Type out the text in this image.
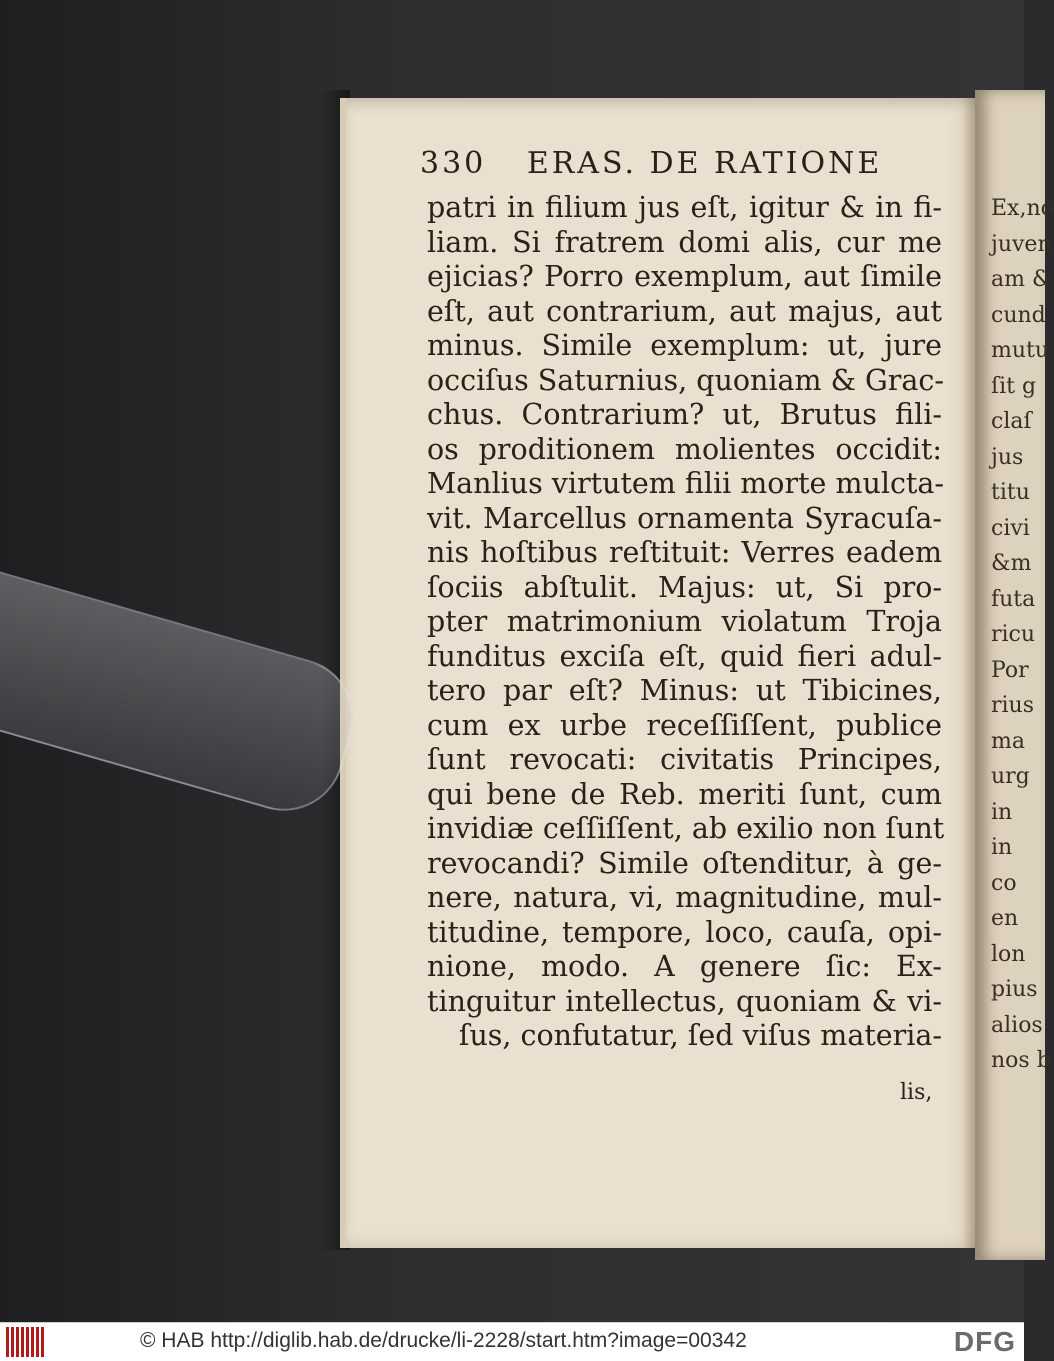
Ex,no
juven
am &
cund
mutu
ſit g
claſ
jus
titu
civi
&m
futa
ricu
Por
rius
ma
urg
in
in
co
en
lon
pius
alios
nos b
330 ERAS. DE RATIONE
patri in filium jus eſt, igitur & in fi-
liam. Si fratrem domi alis, cur me
ejicias? Porro exemplum, aut ſimile
eſt, aut contrarium, aut majus, aut
minus. Simile exemplum: ut, jure
occiſus Saturnius, quoniam & Grac-
chus. Contrarium? ut, Brutus fili-
os proditionem molientes occidit:
Manlius virtutem filii morte mulcta-
vit. Marcellus ornamenta Syracuſa-
nis hoſtibus reſtituit: Verres eadem
ſociis abſtulit. Majus: ut, Si pro-
pter matrimonium violatum Troja
funditus exciſa eſt, quid fieri adul-
tero par eſt? Minus: ut Tibicines,
cum ex urbe receſſiſſent, publice
ſunt revocati: civitatis Principes,
qui bene de Reb. meriti ſunt, cum
invidiæ ceſſiſſent, ab exilio non ſunt
revocandi? Simile oſtenditur, à ge-
nere, natura, vi, magnitudine, mul-
titudine, tempore, loco, cauſa, opi-
nione, modo. A genere ſic: Ex-
tinguitur intellectus, quoniam & vi-
ſus, confutatur, ſed viſus materia-
lis,
© HAB http://diglib.hab.de/drucke/li-2228/start.htm?image=00342	DFG
